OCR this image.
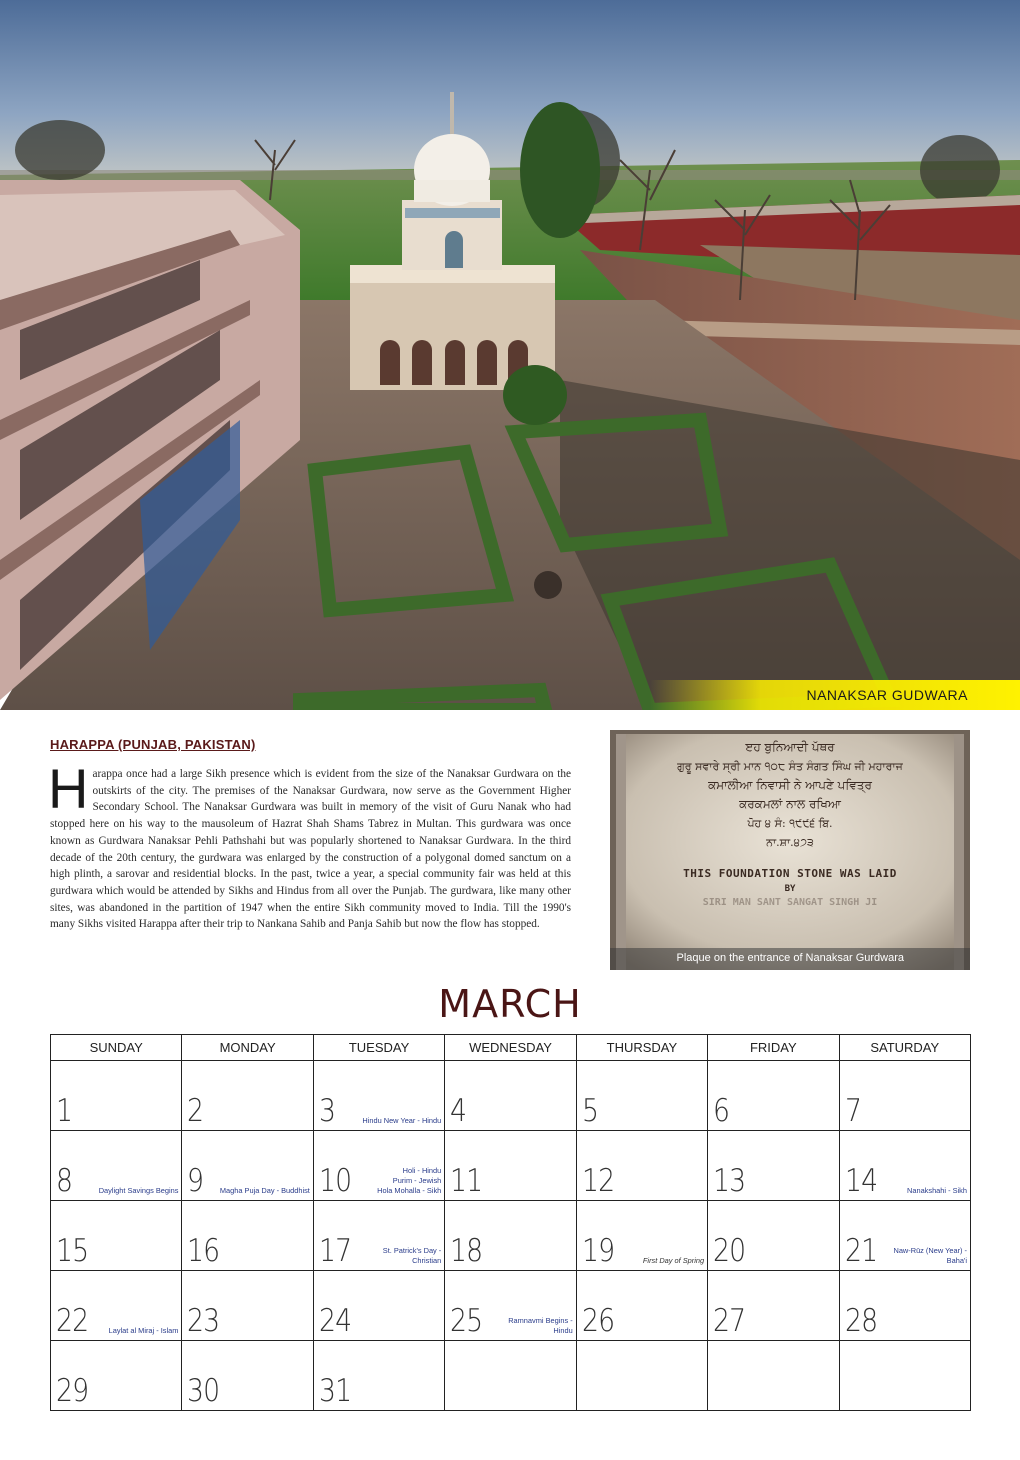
NANAKSAR GUDWARA
HARAPPA (PUNJAB, PAKISTAN)
Harappa once had a large Sikh presence which is evident from the size of the Nanaksar Gurdwara on the outskirts of the city. The premises of the Nanaksar Gurdwara, now serve as the Government Higher Secondary School. The Nanaksar Gurdwara was built in memory of the visit of Guru Nanak who had stopped here on his way to the mausoleum of Hazrat Shah Shams Tabrez in Multan. This gurdwara was once known as Gurdwara Nanaksar Pehli Pathshahi but was popularly shortened to Nanaksar Gurdwara. In the third decade of the 20th century, the gurdwara was enlarged by the construction of a polygonal domed sanctum on a high plinth, a sarovar and residential blocks. In the past, twice a year, a special community fair was held at this gurdwara which would be attended by Sikhs and Hindus from all over the Punjab. The gurdwara, like many other sites, was abandoned in the partition of 1947 when the entire Sikh community moved to India. Till the 1990's many Sikhs visited Harappa after their trip to Nankana Sahib and Panja Sahib but now the flow has stopped.
ੲਹ ਬੁਨਿਆਦੀ ਪੱਥਰ
ਗੁਰੂ ਸਵਾਰੇ ਸ੍ਰੀ ਮਾਨ ੧੦੮ ਸੰਤ ਸੰਗਤ ਸਿੰਘ ਜੀ ਮਹਾਰਾਜ
ਕਮਾਲੀਆ ਨਿਵਾਸੀ ਨੇ ਆਪਣੇ ਪਵਿਤ੍ਰ
ਕਰਕਮਲਾਂ ਨਾਲ ਰਖਿਆ
ਪੋਹ ੪ ਸੰ: ੧੯੯੬ ਬਿ.
ਨਾ.ਸ਼ਾ.੪੭੩
THIS FOUNDATION STONE WAS LAID
BY
SIRI MAN SANT SANGAT SINGH JI
Plaque on the entrance of Nanaksar Gurdwara
MARCH
SUNDAY	MONDAY	TUESDAY	WEDNESDAY	THURSDAY	FRIDAY	SATURDAY

1	2	3 Hindu New Year - Hindu	4	5	6	7

8 Daylight Savings Begins	9 Magha Puja Day - Buddhist	10 Holi - Hindu
Purim - Jewish
Hola Mohalla - Sikh	11	12	13	14 Nanakshahi - Sikh

15	16	17 St. Patrick's Day -
Christian	18	19 First Day of Spring	20	21 Naw-Rūz (New Year) -
Baha'i

22 Laylat al Miraj - Islam	23	24	25 Ramnavmi Begins -
Hindu	26	27	28

29	30	31				
